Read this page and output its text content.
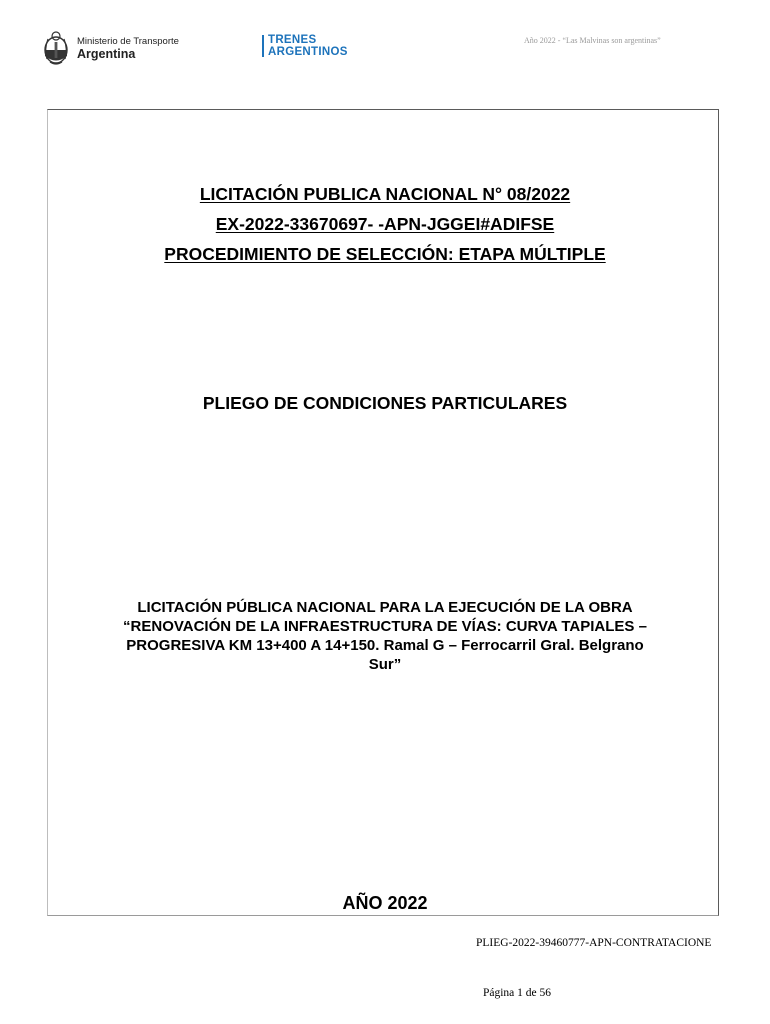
Ministerio de Transporte
Argentina
TRENES
ARGENTINOS
Año 2022 - “Las Malvinas son argentinas”
LICITACIÓN PUBLICA NACIONAL N° 08/2022
EX-2022-33670697- -APN-JGGEI#ADIFSE
PROCEDIMIENTO DE SELECCIÓN: ETAPA MÚLTIPLE
PLIEGO DE CONDICIONES PARTICULARES
LICITACIÓN PÚBLICA NACIONAL PARA LA EJECUCIÓN DE LA OBRA
“RENOVACIÓN DE LA INFRAESTRUCTURA DE VÍAS: CURVA TAPIALES –
PROGRESIVA KM 13+400 A 14+150. Ramal G – Ferrocarril Gral. Belgrano
Sur”
AÑO 2022
PLIEG-2022-39460777-APN-CONTRATACIONE
Página 1 de 56
